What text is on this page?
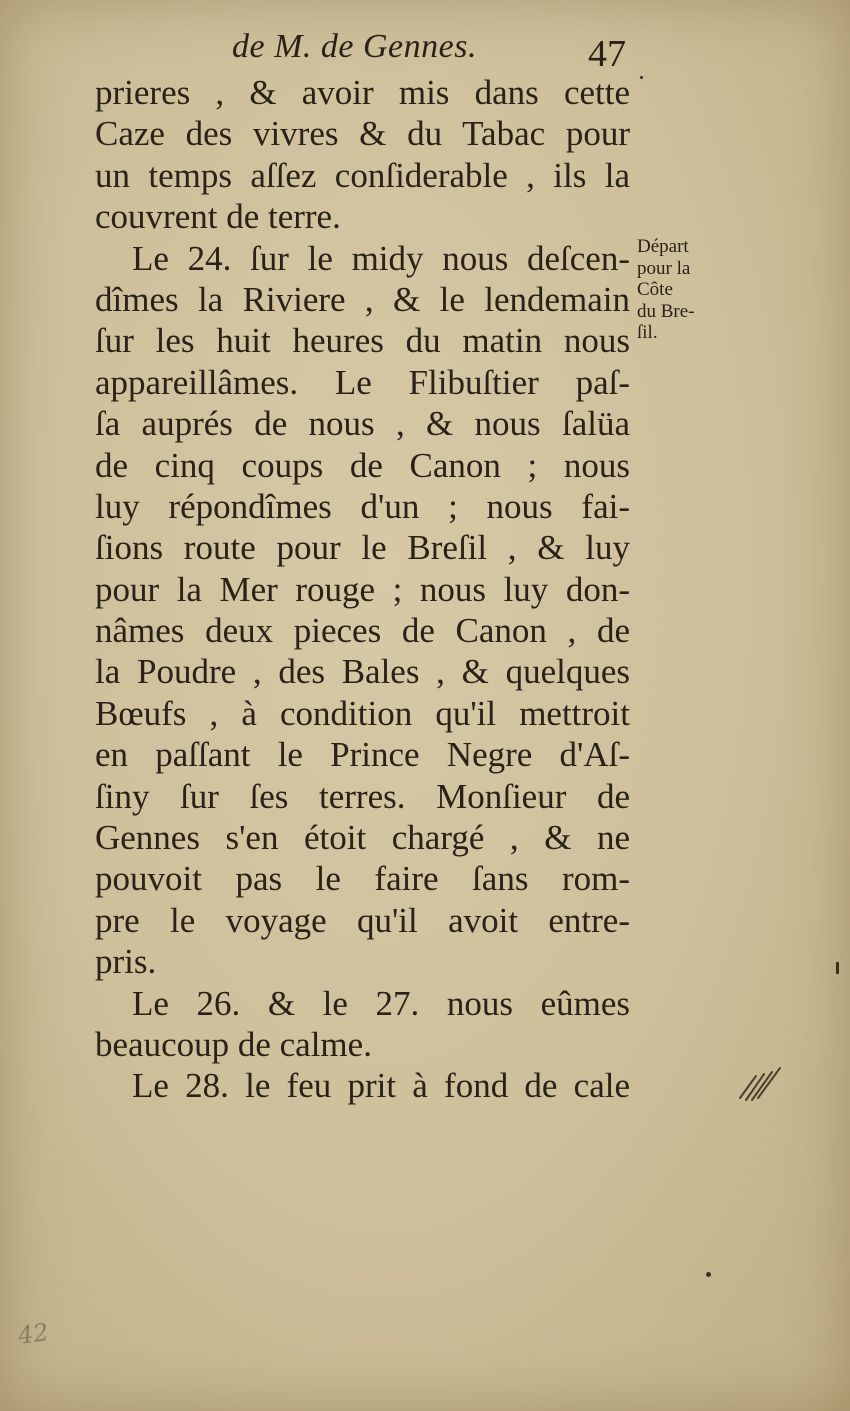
de M. de Gennes.	47
prieres , & avoir mis dans cette
Caze des vivres & du Tabac pour
un temps aſſez conſiderable , ils la
couvrent de terre.
Le 24. ſur le midy nous deſcen-
dîmes la Riviere , & le lendemain
ſur les huit heures du matin nous
appareillâmes. Le Flibuſtier paſ-
ſa auprés de nous , & nous ſalüa
de cinq coups de Canon ; nous
luy répondîmes d'un ; nous fai-
ſions route pour le Breſil , & luy
pour la Mer rouge ; nous luy don-
nâmes deux pieces de Canon , de
la Poudre , des Bales , & quelques
Bœufs , à condition qu'il mettroit
en paſſant le Prince Negre d'Aſ-
ſiny ſur ſes terres. Monſieur de
Gennes s'en étoit chargé , & ne
pouvoit pas le faire ſans rom-
pre le voyage qu'il avoit entre-
pris.
Le 26. & le 27. nous eûmes
beaucoup de calme.
Le 28. le feu prit à fond de cale
Départ
pour la
Côte
du Bre-
ſil.
42
